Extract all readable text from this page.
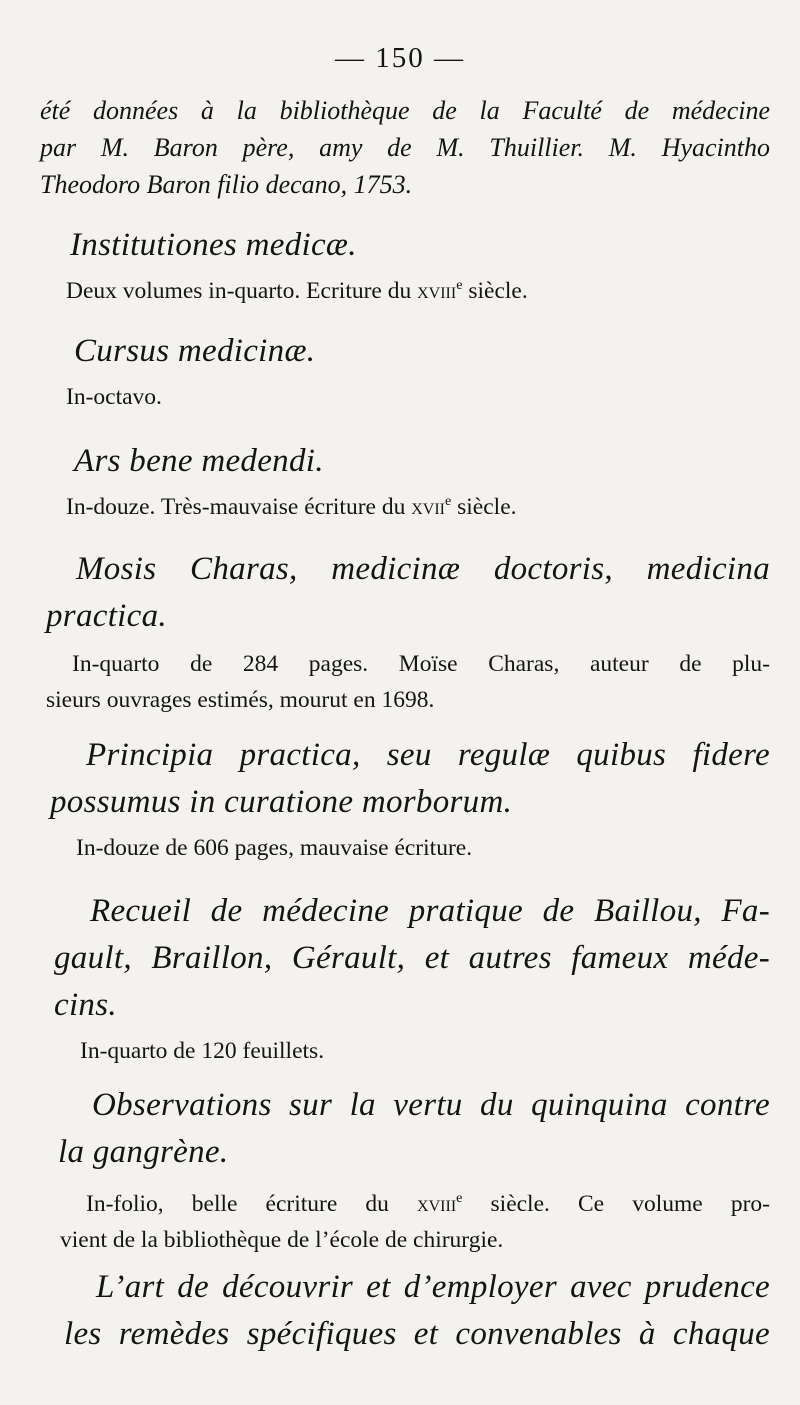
— 150 —
été données à la bibliothèque de la Faculté de médecine
par M. Baron père, amy de M. Thuillier. M. Hyacintho
Theodoro Baron filio decano, 1753.
Institutiones medicæ.
Deux volumes in-quarto. Ecriture du xviii$^e$ siècle.
Cursus medicinæ.
In-octavo.
Ars bene medendi.
In-douze. Très-mauvaise écriture du xvii$^e$ siècle.
Mosis Charas, medicinæ doctoris, medicina
practica.
In-quarto de 284 pages. Moïse Charas, auteur de plu-
sieurs ouvrages estimés, mourut en 1698.
Principia practica, seu regulæ quibus fidere
possumus in curatione morborum.
In-douze de 606 pages, mauvaise écriture.
Recueil de médecine pratique de Baillou, Fa-
gault, Braillon, Gérault, et autres fameux méde-
cins.
In-quarto de 120 feuillets.
Observations sur la vertu du quinquina contre
la gangrène.
In-folio, belle écriture du xviii$^e$ siècle. Ce volume pro-
vient de la bibliothèque de l’école de chirurgie.
L’art de découvrir et d’employer avec prudence
les remèdes spécifiques et convenables à chaque
